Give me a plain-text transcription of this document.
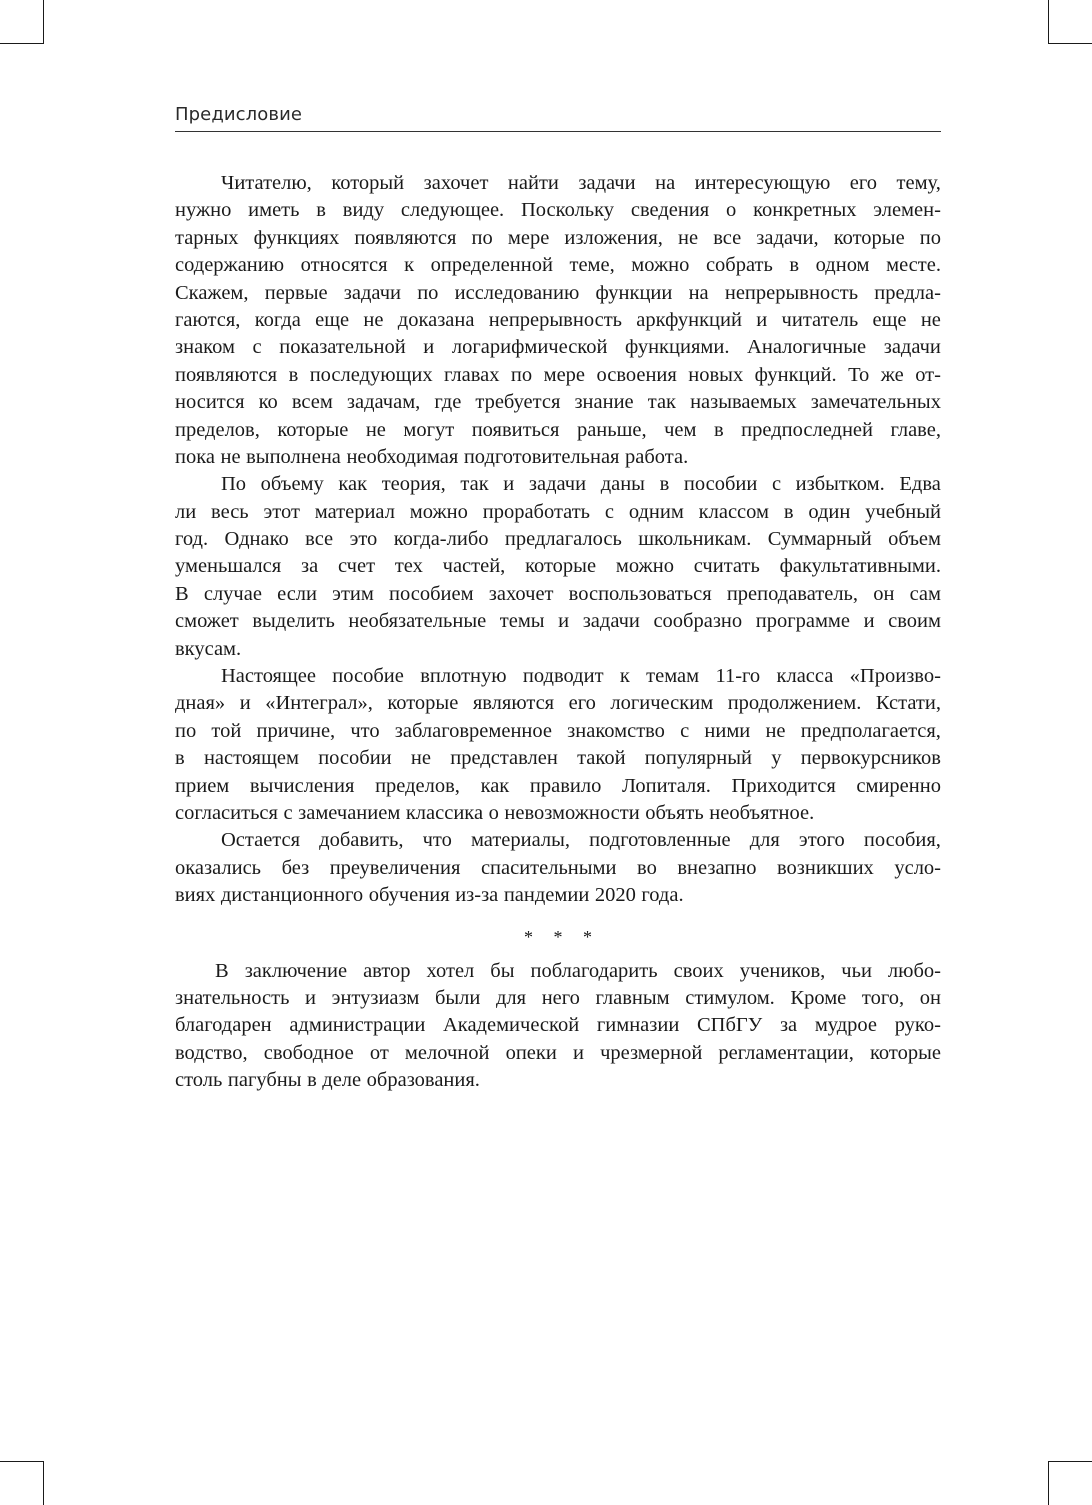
Предисловие
Читателю, который захочет найти задачи на интересующую его тему,
нужно иметь в виду следующее. Поскольку сведения о конкретных элемен-
тарных функциях появляются по мере изложения, не все задачи, которые по
содержанию относятся к определенной теме, можно собрать в одном месте.
Скажем, первые задачи по исследованию функции на непрерывность предла-
гаются, когда еще не доказана непрерывность аркфункций и читатель еще не
знаком с показательной и логарифмической функциями. Аналогичные задачи
появляются в последующих главах по мере освоения новых функций. То же от-
носится ко всем задачам, где требуется знание так называемых замечательных
пределов, которые не могут появиться раньше, чем в предпоследней главе,
пока не выполнена необходимая подготовительная работа.
По объему как теория, так и задачи даны в пособии с избытком. Едва
ли весь этот материал можно проработать с одним классом в один учебный
год. Однако все это когда-либо предлагалось школьникам. Суммарный объем
уменьшался за счет тех частей, которые можно считать факультативными.
В случае если этим пособием захочет воспользоваться преподаватель, он сам
сможет выделить необязательные темы и задачи сообразно программе и своим
вкусам.
Настоящее пособие вплотную подводит к темам 11-го класса «Произво-
дная» и «Интеграл», которые являются его логическим продолжением. Кстати,
по той причине, что заблаговременное знакомство с ними не предполагается,
в настоящем пособии не представлен такой популярный у первокурсников
прием вычисления пределов, как правило Лопиталя. Приходится смиренно
согласиться с замечанием классика о невозможности объять необъятное.
Остается добавить, что материалы, подготовленные для этого пособия,
оказались без преувеличения спасительными во внезапно возникших усло-
виях дистанционного обучения из-за пандемии 2020 года.
* * *
В заключение автор хотел бы поблагодарить своих учеников, чьи любо-
знательность и энтузиазм были для него главным стимулом. Кроме того, он
благодарен администрации Академической гимназии СПбГУ за мудрое руко-
водство, свободное от мелочной опеки и чрезмерной регламентации, которые
столь пагубны в деле образования.
